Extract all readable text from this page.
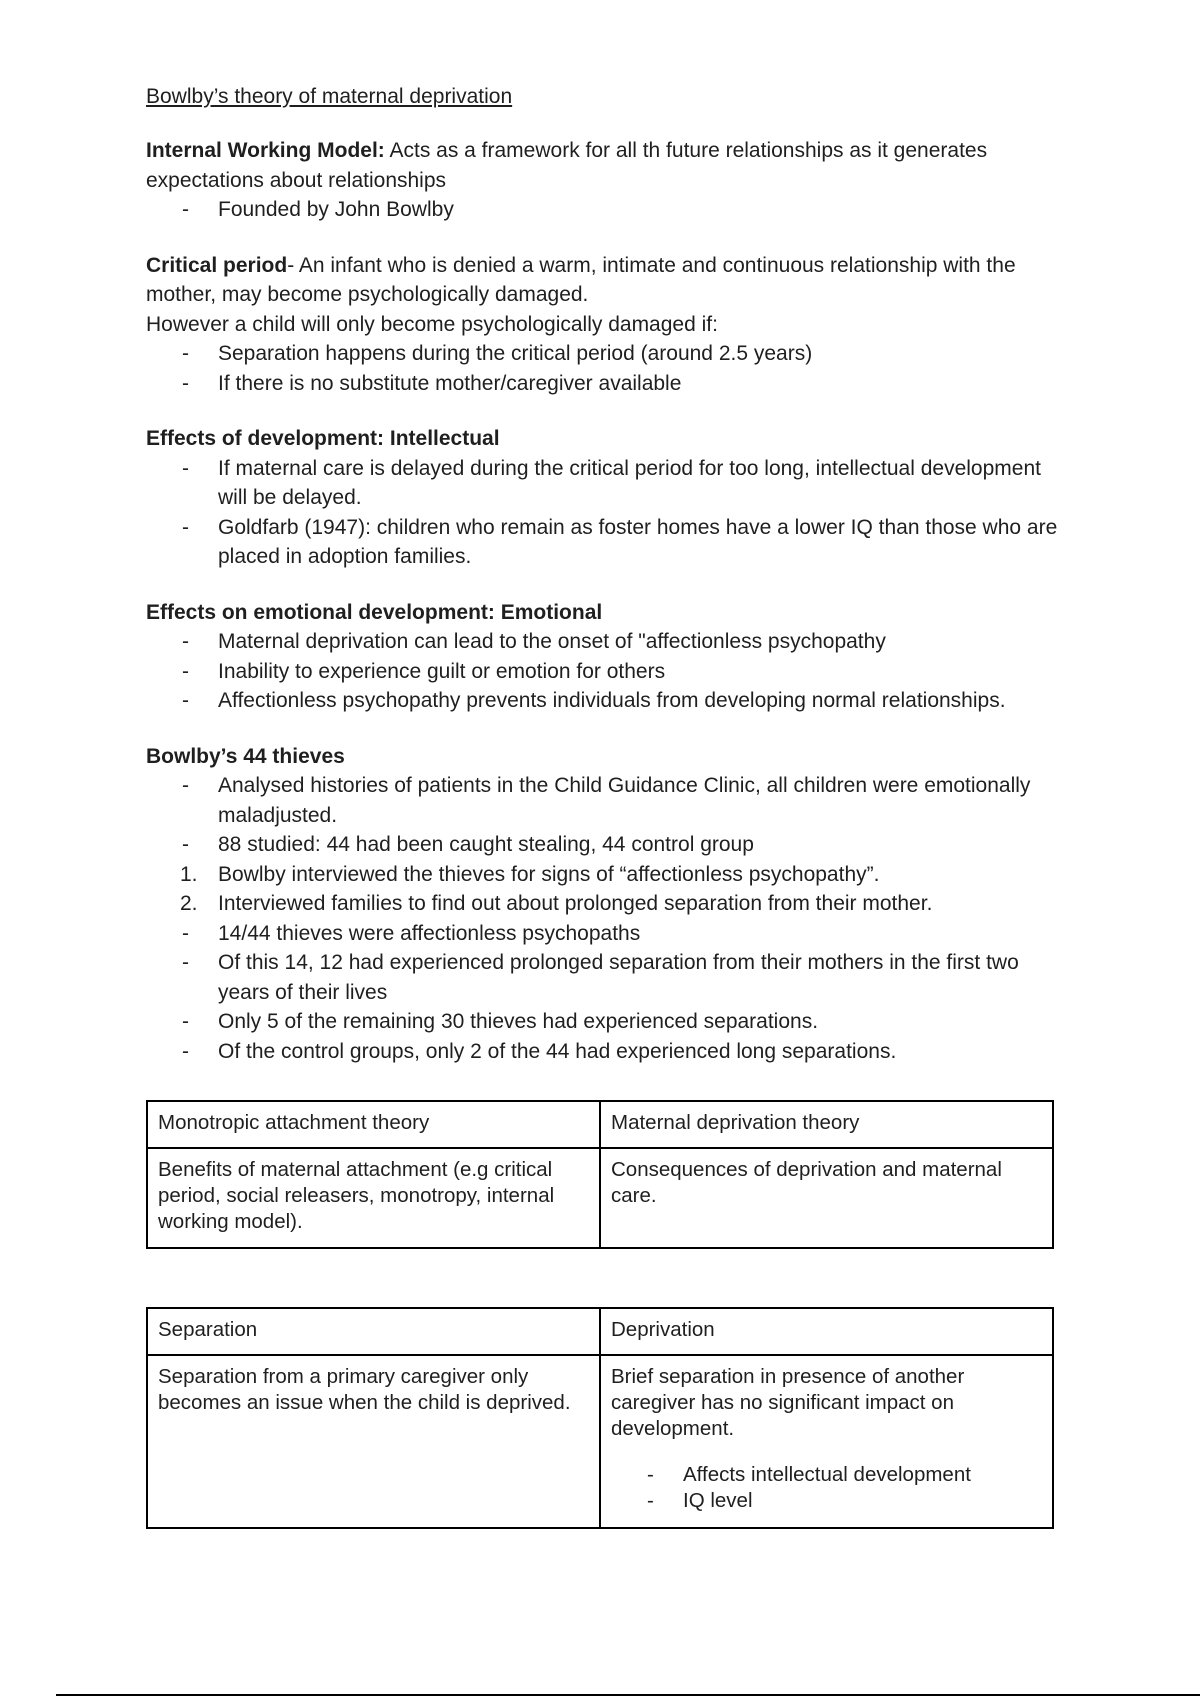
Bowlby’s theory of maternal deprivation

Internal Working Model: Acts as a framework for all th future relationships as it generates expectations about relationships

-	Founded by John Bowlby

Critical period- An infant who is denied a warm, intimate and continuous relationship with the mother, may become psychologically damaged.

However a child will only become psychologically damaged if:

-	Separation happens during the critical period (around 2.5 years)
-	If there is no substitute mother/caregiver available

Effects of development: Intellectual

-	If maternal care is delayed during the critical period for too long, intellectual development will be delayed.
-	Goldfarb (1947): children who remain as foster homes have a lower IQ than those who are placed in adoption families.

Effects on emotional development: Emotional

-	Maternal deprivation can lead to the onset of "affectionless psychopathy
-	Inability to experience guilt or emotion for others
-	Affectionless psychopathy prevents individuals from developing normal relationships.

Bowlby’s 44 thieves

-	Analysed histories of patients in the Child Guidance Clinic, all children were emotionally maladjusted.
-	88 studied: 44 had been caught stealing, 44 control group
1. Bowlby interviewed the thieves for signs of “affectionless psychopathy”.
2. Interviewed families to find out about prolonged separation from their mother.
-	14/44 thieves were affectionless psychopaths
-	Of this 14, 12 had experienced prolonged separation from their mothers in the first two years of their lives
-	Only 5 of the remaining 30 thieves had experienced separations.
-	Of the control groups, only 2 of the 44 had experienced long separations.
Monotropic attachment theory	Maternal deprivation theory
Benefits of maternal attachment (e.g critical period, social releasers, monotropy, internal working model).	Consequences of deprivation and maternal care.
Separation	Deprivation
Separation from a primary caregiver only becomes an issue when the child is deprived.	Brief separation in presence of another caregiver has no significant impact on development.
- Affects intellectual development
- IQ level
